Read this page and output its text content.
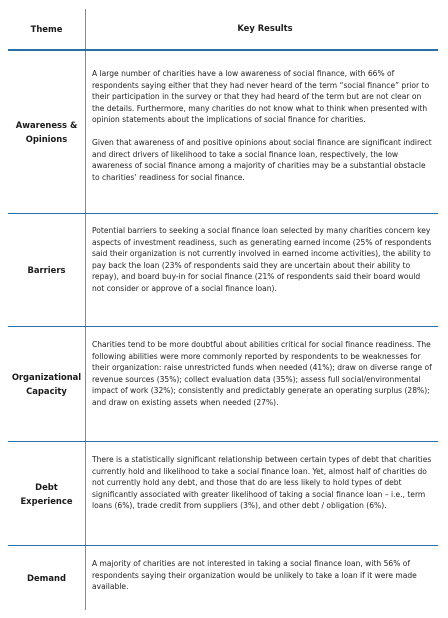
Theme	Key Results
Awareness & Opinions

A large number of charities have a low awareness of social finance, with 66% of respondents saying either that they had never heard of the term “social finance” prior to their participation in the survey or that they had heard of the term but are not clear on the details. Furthermore, many charities do not know what to think when presented with opinion statements about the implications of social finance for charities.

Given that awareness of and positive opinions about social finance are significant indirect and direct drivers of likelihood to take a social finance loan, respectively, the low awareness of social finance among a majority of charities may be a substantial obstacle to charities’ readiness for social finance.

Barriers

Potential barriers to seeking a social finance loan selected by many charities concern key aspects of investment readiness, such as generating earned income (25% of respondents said their organization is not currently involved in earned income activities), the ability to pay back the loan (23% of respondents said they are uncertain about their ability to repay), and board buy-in for social finance (21% of respondents said their board would not consider or approve of a social finance loan).

Organizational Capacity

Charities tend to be more doubtful about abilities critical for social finance readiness. The following abilities were more commonly reported by respondents to be weaknesses for their organization: raise unrestricted funds when needed (41%); draw on diverse range of revenue sources (35%); collect evaluation data (35%); assess full social/environmental impact of work (32%); consistently and predictably generate an operating surplus (28%); and draw on existing assets when needed (27%).

Debt Experience

There is a statistically significant relationship between certain types of debt that charities currently hold and likelihood to take a social finance loan. Yet, almost half of charities do not currently hold any debt, and those that do are less likely to hold types of debt significantly associated with greater likelihood of taking a social finance loan – i.e., term loans (6%), trade credit from suppliers (3%), and other debt / obligation (6%).

Demand

A majority of charities are not interested in taking a social finance loan, with 56% of respondents saying their organization would be unlikely to take a loan if it were made available.
